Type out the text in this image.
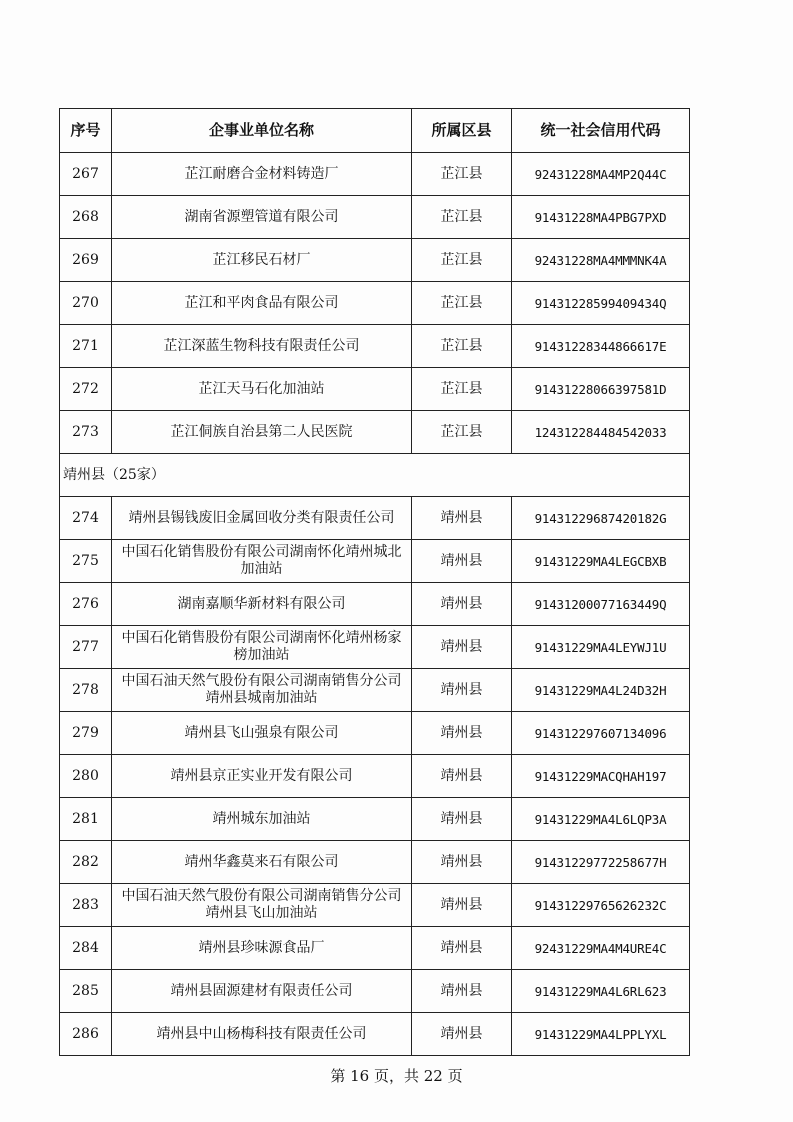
序号	企事业单位名称	所属区县	统一社会信用代码
267	芷江耐磨合金材料铸造厂	芷江县	92431228MA4MP2Q44C
268	湖南省源塑管道有限公司	芷江县	91431228MA4PBG7PXD
269	芷江移民石材厂	芷江县	92431228MA4MMMNK4A
270	芷江和平肉食品有限公司	芷江县	91431228599409434Q
271	芷江深蓝生物科技有限责任公司	芷江县	91431228344866617E
272	芷江天马石化加油站	芷江县	91431228066397581D
273	芷江侗族自治县第二人民医院	芷江县	124312284484542033
靖州县（25家）			
274	靖州县锡钱废旧金属回收分类有限责任公司	靖州县	91431229687420182G
275	中国石化销售股份有限公司湖南怀化靖州城北加油站	靖州县	91431229MA4LEGCBXB
276	湖南嘉顺华新材料有限公司	靖州县	91431200077163449Q
277	中国石化销售股份有限公司湖南怀化靖州杨家榜加油站	靖州县	91431229MA4LEYWJ1U
278	中国石油天然气股份有限公司湖南销售分公司靖州县城南加油站	靖州县	91431229MA4L24D32H
279	靖州县飞山强泉有限公司	靖州县	914312297607134096
280	靖州县京正实业开发有限公司	靖州县	91431229MACQHAH197
281	靖州城东加油站	靖州县	91431229MA4L6LQP3A
282	靖州华鑫莫来石有限公司	靖州县	91431229772258677H
283	中国石油天然气股份有限公司湖南销售分公司靖州县飞山加油站	靖州县	91431229765626232C
284	靖州县珍味源食品厂	靖州县	92431229MA4M4URE4C
285	靖州县固源建材有限责任公司	靖州县	91431229MA4L6RL623
286	靖州县中山杨梅科技有限责任公司	靖州县	91431229MA4LPPLYXL
第 16 页，共 22 页
